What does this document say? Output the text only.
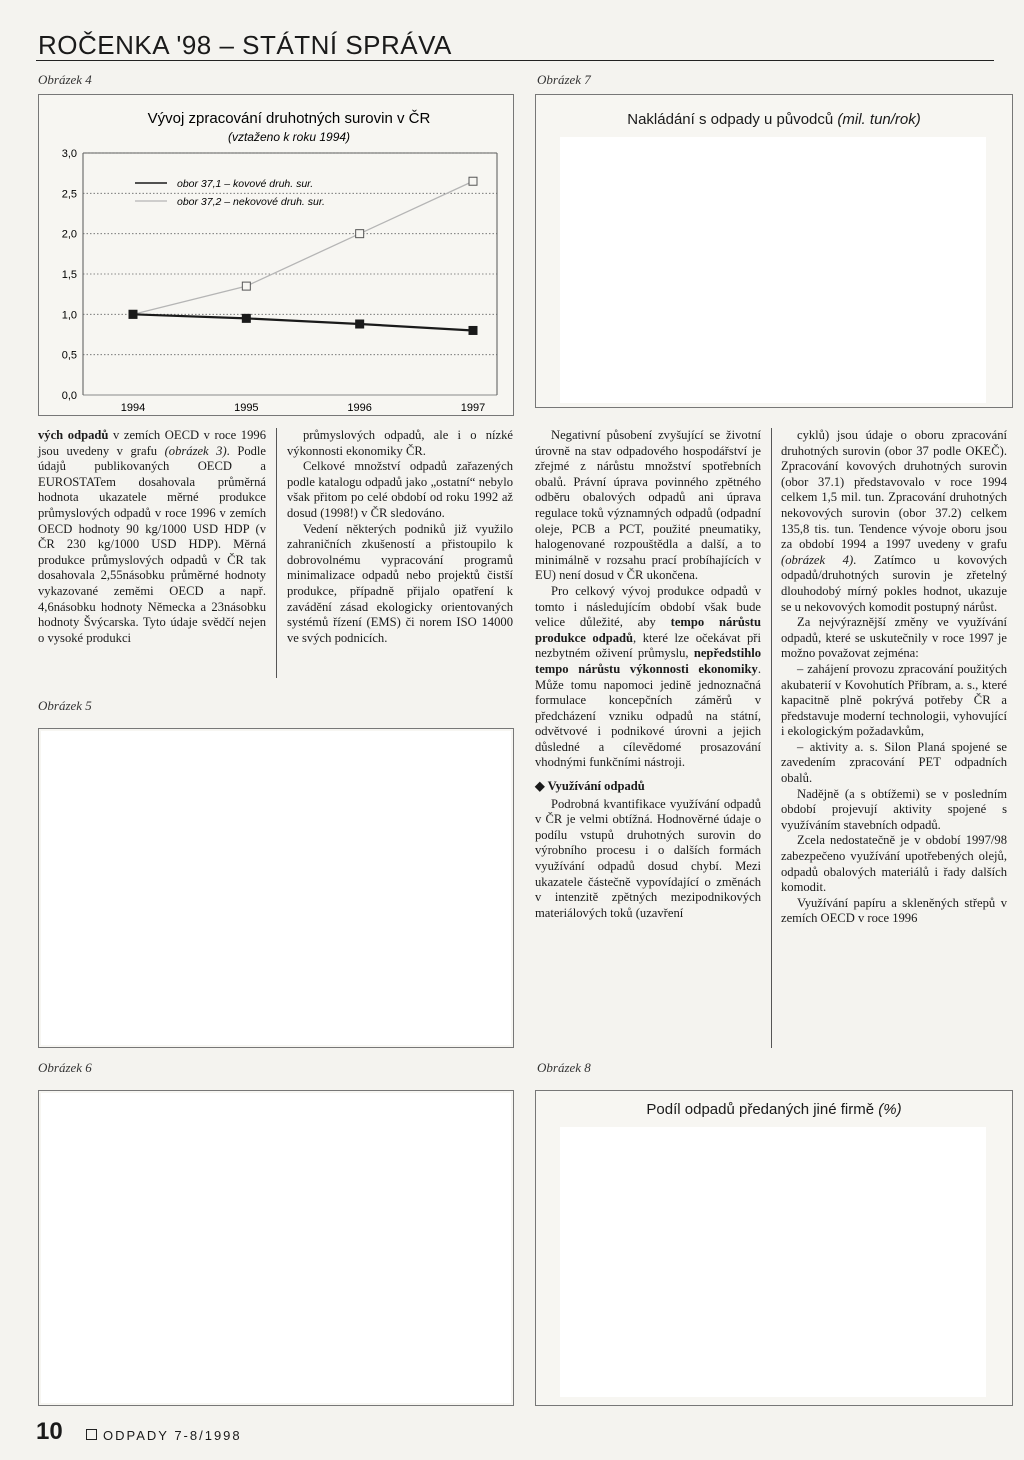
ROČENKA '98 – STÁTNÍ SPRÁVA
Obrázek 4	Obrázek 7
Obrázek 5
Obrázek 6	Obrázek 8
Vývoj zpracování druhotných surovin v ČR
(vztaženo k roku 1994)
0,0
0,5
1,0
1,5
2,0
2,5
3,0
1994	1995	1996	1997
obor 37,1 – kovové druh. sur.
obor 37,2 – nekovové druh. sur.
Nakládání s odpady u původců (mil. tun/rok)
Podíl odpadů předaných jiné firmě (%)

vých odpadů v zemích OECD v roce 1996 jsou uvedeny v grafu (obrázek 3). Podle údajů publikovaných OECD a EUROSTATem dosahovala průměrná hodnota ukazatele měrné produkce průmyslových odpadů v roce 1996 v zemích OECD hodnoty 90 kg/1000 USD HDP (v ČR 230 kg/1000 USD HDP). Měrná produkce průmyslových odpadů v ČR tak dosahovala 2,55násobku průměrné hodnoty vykazované zeměmi OECD a např. 4,6násobku hodnoty Německa a 23násobku hodnoty Švýcarska. Tyto údaje svědčí nejen o vysoké produkci

průmyslových odpadů, ale i o nízké výkonnosti ekonomiky ČR.

Celkové množství odpadů zařazených podle katalogu odpadů jako „ostatní“ nebylo však přitom po celé období od roku 1992 až dosud (1998!) v ČR sledováno.

Vedení některých podniků již využilo zahraničních zkušeností a přistoupilo k dobrovolnému vypracování programů minimalizace odpadů nebo projektů čistší produkce, případně přijalo opatření k zavádění zásad ekologicky orientovaných systémů řízení (EMS) či norem ISO 14000 ve svých podnicích.

Negativní působení zvyšující se životní úrovně na stav odpadového hospodářství je zřejmé z nárůstu množství spotřebních obalů. Právní úprava povinného zpětného odběru obalových odpadů ani úprava regulace toků významných odpadů (odpadní oleje, PCB a PCT, použité pneumatiky, halogenované rozpouštědla a další, a to minimálně v rozsahu prací probíhajících v EU) není dosud v ČR ukončena.

Pro celkový vývoj produkce odpadů v tomto i následujícím období však bude velice důležité, aby tempo nárůstu produkce odpadů, které lze očekávat při nezbytném oživení průmyslu, nepředstihlo tempo nárůstu výkonnosti ekonomiky. Může tomu napomoci jedině jednoznačná formulace koncepčních záměrů v předcházení vzniku odpadů na státní, odvětvové i podnikové úrovni a jejich důsledné a cílevědomé prosazování vhodnými funkčními nástroji.

◆ Využívání odpadů

Podrobná kvantifikace využívání odpadů v ČR je velmi obtížná. Hodnověrné údaje o podílu vstupů druhotných surovin do výrobního procesu i o dalších formách využívání odpadů dosud chybí. Mezi ukazatele částečně vypovídající o změnách v intenzitě zpětných mezipodnikových materiálových toků (uzavření

cyklů) jsou údaje o oboru zpracování druhotných surovin (obor 37 podle OKEČ). Zpracování kovových druhotných surovin (obor 37.1) představovalo v roce 1994 celkem 1,5 mil. tun. Zpracování druhotných nekovových surovin (obor 37.2) celkem 135,8 tis. tun. Tendence vývoje oboru jsou za období 1994 a 1997 uvedeny v grafu (obrázek 4). Zatímco u kovových odpadů/druhotných surovin je zřetelný dlouhodobý mírný pokles hodnot, ukazuje se u nekovových komodit postupný nárůst.

Za nejvýraznější změny ve využívání odpadů, které se uskutečnily v roce 1997 je možno považovat zejména:

– zahájení provozu zpracování použitých akubaterií v Kovohutích Příbram, a. s., které kapacitně plně pokrývá potřeby ČR a představuje moderní technologii, vyhovující i ekologickým požadavkům,

– aktivity a. s. Silon Planá spojené se zavedením zpracování PET odpadních obalů.

Nadějně (a s obtížemi) se v posledním období projevují aktivity spojené s využíváním stavebních odpadů.

Zcela nedostatečně je v období 1997/98 zabezpečeno využívání upotřebených olejů, odpadů obalových materiálů i řady dalších komodit.

Využívání papíru a skleněných střepů v zemích OECD v roce 1996

10	ODPADY 7-8/1998
